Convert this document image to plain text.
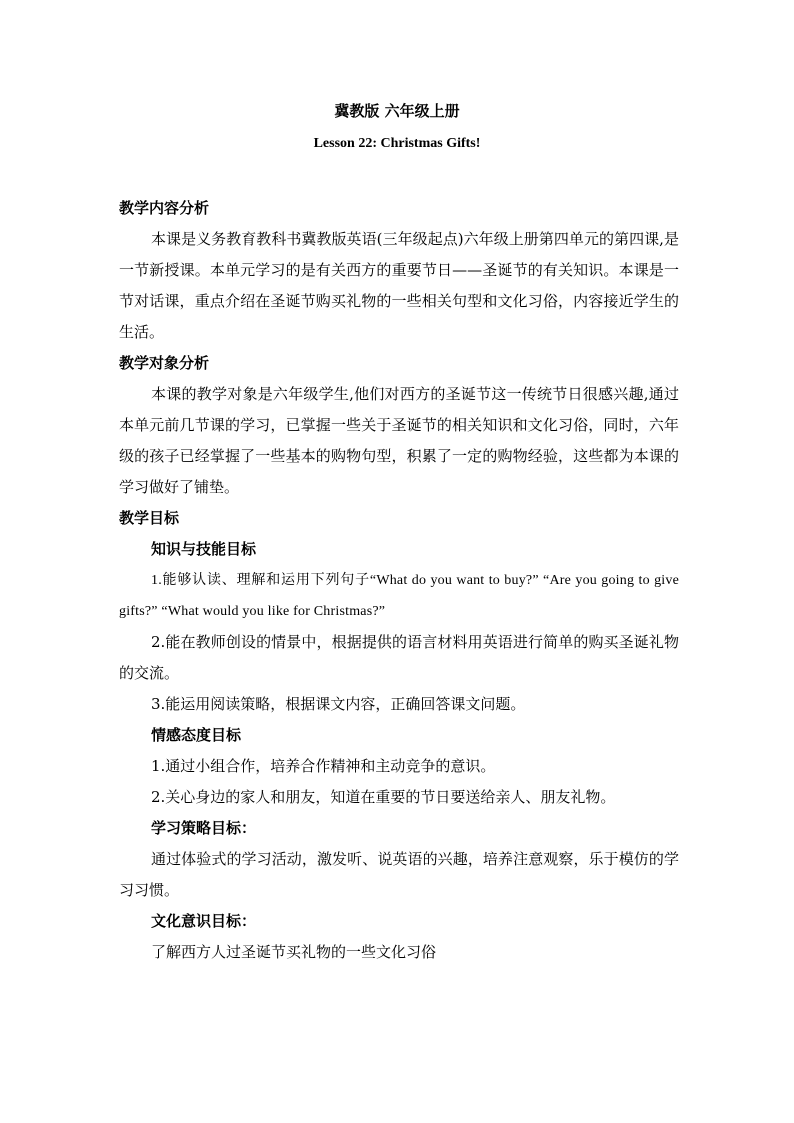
冀教版 六年级上册
Lesson 22: Christmas Gifts!

教学内容分析

本课是义务教育教科书冀教版英语(三年级起点)六年级上册第四单元的第四课,是一节新授课。本单元学习的是有关西方的重要节日——圣诞节的有关知识。本课是一节对话课，重点介绍在圣诞节购买礼物的一些相关句型和文化习俗，内容接近学生的生活。

教学对象分析

本课的教学对象是六年级学生,他们对西方的圣诞节这一传统节日很感兴趣,通过本单元前几节课的学习，已掌握一些关于圣诞节的相关知识和文化习俗，同时，六年级的孩子已经掌握了一些基本的购物句型，积累了一定的购物经验，这些都为本课的学习做好了铺垫。

教学目标

知识与技能目标

1.能够认读、理解和运用下列句子“What do you want to buy?” “Are you going to give gifts?” “What would you like for Christmas?”

2.能在教师创设的情景中，根据提供的语言材料用英语进行简单的购买圣诞礼物的交流。

3.能运用阅读策略，根据课文内容，正确回答课文问题。

情感态度目标

1.通过小组合作，培养合作精神和主动竞争的意识。

2.关心身边的家人和朋友，知道在重要的节日要送给亲人、朋友礼物。

学习策略目标：

通过体验式的学习活动，激发听、说英语的兴趣，培养注意观察，乐于模仿的学习习惯。

文化意识目标：

了解西方人过圣诞节买礼物的一些文化习俗
